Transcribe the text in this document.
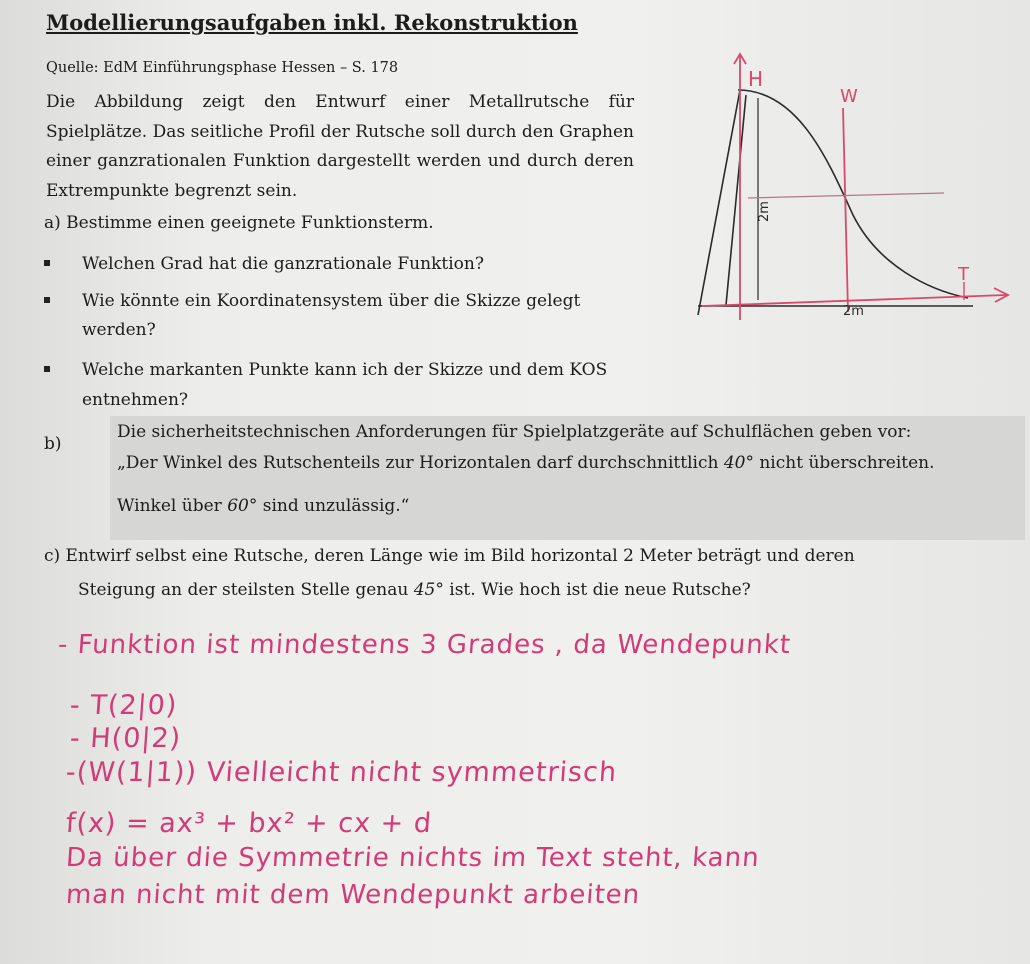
Modellierungsaufgaben inkl. Rekonstruktion
Quelle: EdM Einführungsphase Hessen – S. 178
Die Abbildung zeigt den Entwurf einer Metallrutsche für Spielplätze. Das seitliche Profil der Rutsche soll durch den Graphen einer ganzrationalen Funktion dargestellt werden und durch deren Extrempunkte begrenzt sein.
a) Bestimme einen geeignete Funktionsterm.
Welchen Grad hat die ganzrationale Funktion?
Wie könnte ein Koordinatensystem über die Skizze gelegt
werden?
Welche markanten Punkte kann ich der Skizze und dem KOS
entnehmen?
b)
Die sicherheitstechnischen Anforderungen für Spielplatzgeräte auf Schulflächen geben vor:
„Der Winkel des Rutschenteils zur Horizontalen darf durchschnittlich 40° nicht überschreiten.
Winkel über 60° sind unzulässig.“
c) Entwirf selbst eine Rutsche, deren Länge wie im Bild horizontal 2 Meter beträgt und deren
Steigung an der steilsten Stelle genau 45° ist. Wie hoch ist die neue Rutsche?
H
W
T
2m
2m
- Funktion ist mindestens 3 Grades , da Wendepunkt
- T(2|0)
- H(0|2)
-(W(1|1)) Vielleicht nicht symmetrisch
f(x) = ax³ + bx² + cx + d
Da über die Symmetrie nichts im Text steht, kann
man nicht mit dem Wendepunkt arbeiten
